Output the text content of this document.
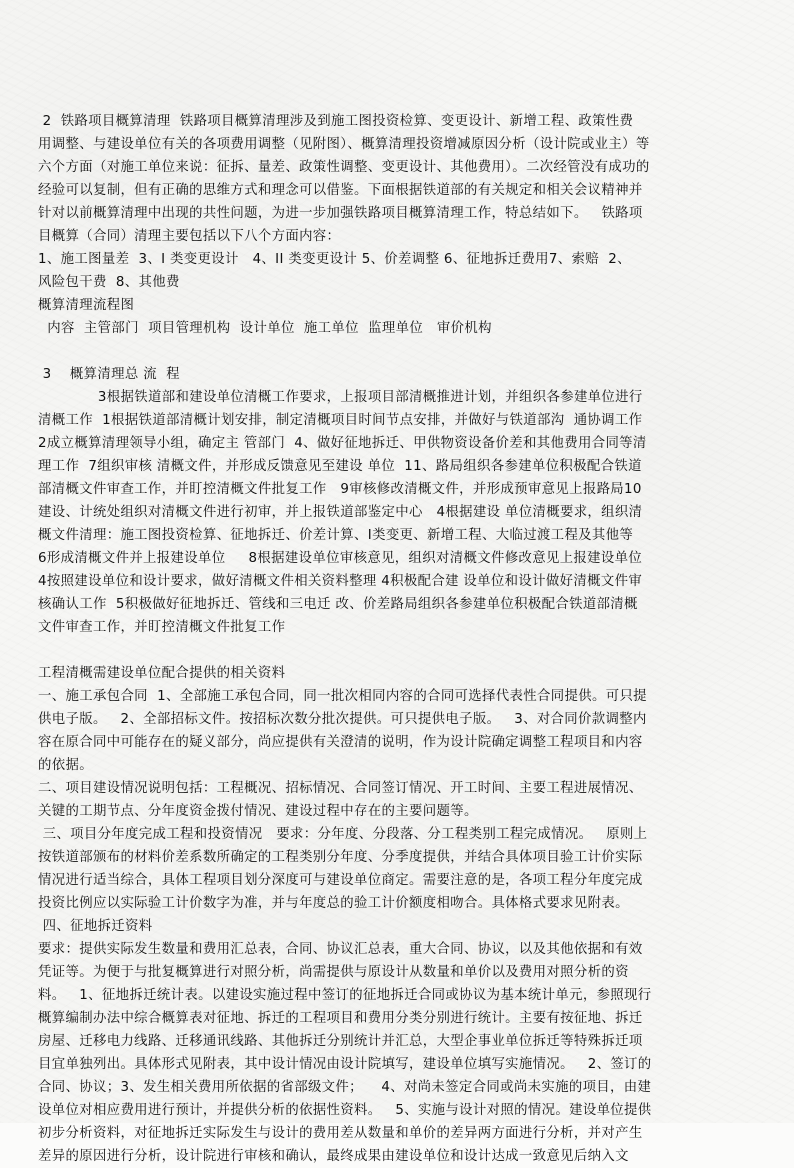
2  铁路项目概算清理  铁路项目概算清理涉及到施工图投资检算、变更设计、新增工程、政策性费

用调整、与建设单位有关的各项费用调整（见附图）、概算清理投资增减原因分析（设计院或业主）等

六个方面（对施工单位来说：征拆、量差、政策性调整、变更设计、其他费用）。二次经管没有成功的

经验可以复制，但有正确的思维方式和理念可以借鉴。下面根据铁道部的有关规定和相关会议精神并

针对以前概算清理中出现的共性问题，为进一步加强铁路项目概算清理工作，特总结如下。   铁路项

目概算（合同）清理主要包括以下八个方面内容：

1、施工图量差  3、I 类变更设计   4、II 类变更设计 5、价差调整 6、征地拆迁费用7、索赔  2、

风险包干费  8、其他费

概算清理流程图

内容  主管部门  项目管理机构  设计单位  施工单位  监理单位   审价机构

3    概算清理总 流  程

3根据铁道部和建设单位清概工作要求，上报项目部清概推进计划，并组织各参建单位进行

清概工作  1根据铁道部清概计划安排，制定清概项目时间节点安排，并做好与铁道部沟  通协调工作

2成立概算清理领导小组，确定主 管部门  4、做好征地拆迁、甲供物资设备价差和其他费用合同等清

理工作  7组织审核 清概文件，并形成反馈意见至建设 单位  11、路局组织各参建单位积极配合铁道

部清概文件审查工作，并盯控清概文件批复工作   9审核修改清概文件，并形成预审意见上报路局10

建设、计统处组织对清概文件进行初审，并上报铁道部鉴定中心   4根据建设 单位清概要求，组织清

概文件清理：施工图投资检算、征地拆迁、价差计算、I类变更、新增工程、大临过渡工程及其他等

6形成清概文件并上报建设单位     8根据建设单位审核意见，组织对清概文件修改意见上报建设单位

4按照建设单位和设计要求，做好清概文件相关资料整理 4积极配合建 设单位和设计做好清概文件审

核确认工作  5积极做好征地拆迁、管线和三电迁 改、价差路局组织各参建单位积极配合铁道部清概

文件审查工作，并盯控清概文件批复工作

工程清概需建设单位配合提供的相关资料

一、施工承包合同  1、全部施工承包合同，同一批次相同内容的合同可选择代表性合同提供。可只提

供电子版。   2、全部招标文件。按招标次数分批次提供。可只提供电子版。   3、对合同价款调整内

容在原合同中可能存在的疑义部分，尚应提供有关澄清的说明，作为设计院确定调整工程项目和内容

的依据。

二、项目建设情况说明包括：工程概况、招标情况、合同签订情况、开工时间、主要工程进展情况、

关键的工期节点、分年度资金拨付情况、建设过程中存在的主要问题等。

三、项目分年度完成工程和投资情况   要求：分年度、分段落、分工程类别工程完成情况。   原则上

按铁道部颁布的材料价差系数所确定的工程类别分年度、分季度提供，并结合具体项目验工计价实际

情况进行适当综合，具体工程项目划分深度可与建设单位商定。需要注意的是，各项工程分年度完成

投资比例应以实际验工计价数字为准，并与年度总的验工计价额度相吻合。具体格式要求见附表。

四、征地拆迁资料

要求：提供实际发生数量和费用汇总表，合同、协议汇总表，重大合同、协议，以及其他依据和有效

凭证等。为便于与批复概算进行对照分析，尚需提供与原设计从数量和单价以及费用对照分析的资

料。   1、征地拆迁统计表。以建设实施过程中签订的征地拆迁合同或协议为基本统计单元，参照现行

概算编制办法中综合概算表对征地、拆迁的工程项目和费用分类分别进行统计。主要有按征地、拆迁

房屋、迁移电力线路、迁移通讯线路、其他拆迁分别统计并汇总，大型企事业单位拆迁等特殊拆迁项

目宜单独列出。具体形式见附表，其中设计情况由设计院填写，建设单位填写实施情况。   2、签订的

合同、协议；3、发生相关费用所依据的省部级文件；    4、对尚未签定合同或尚未实施的项目，由建

设单位对相应费用进行预计，并提供分析的依据性资料。   5、实施与设计对照的情况。建设单位提供

初步分析资料，对征地拆迁实际发生与设计的费用差从数量和单价的差异两方面进行分析，并对产生

差异的原因进行分析，设计院进行审核和确认，最终成果由建设单位和设计达成一致意见后纳入文
